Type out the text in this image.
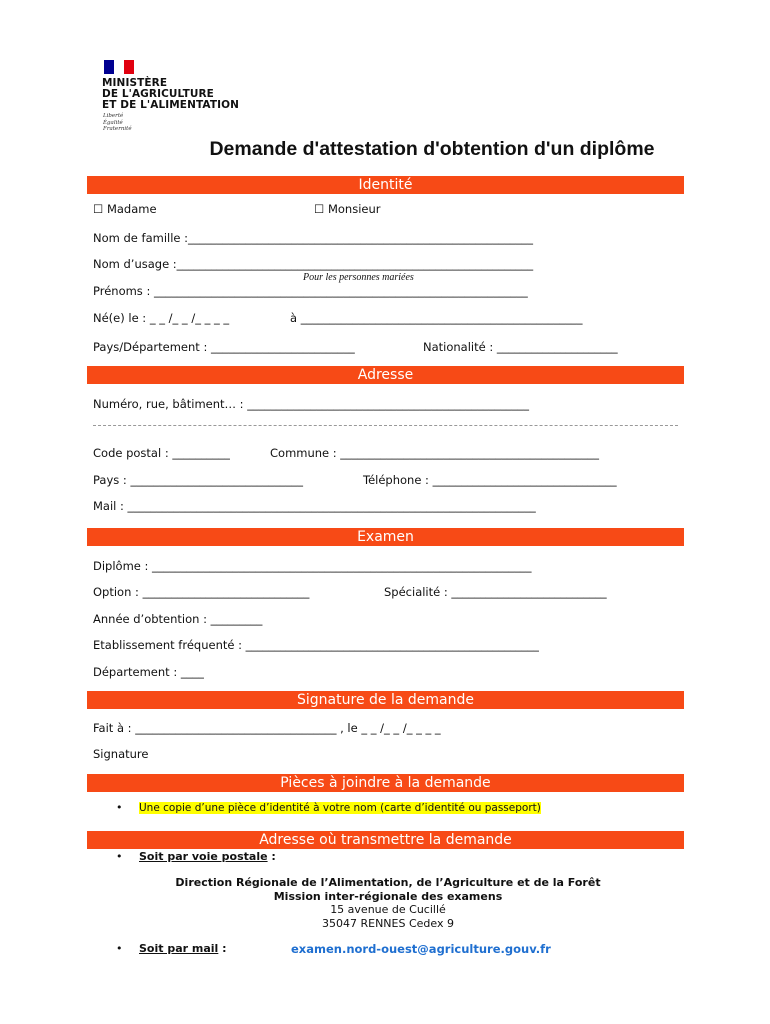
MINISTÈRE
DE L'AGRICULTURE
ET DE L'ALIMENTATION
Liberté
Égalité
Fraternité
Demande d'attestation d'obtention d'un diplôme
Identité
☐ Madame	☐ Monsieur
Nom de famille :____________________________________________________________
Nom d’usage :______________________________________________________________
Pour les personnes mariées
Prénoms : _________________________________________________________________
Né(e) le : _ _ /_ _ /_ _ _ _	à _________________________________________________
Pays/Département : _________________________	Nationalité : _____________________
Adresse
Numéro, rue, bâtiment… : _________________________________________________
Code postal : __________	Commune : _____________________________________________
Pays : ______________________________	Téléphone : ________________________________
Mail : _______________________________________________________________________
Examen
Diplôme : __________________________________________________________________
Option : _____________________________	Spécialité : ___________________________
Année d’obtention : _________
Etablissement fréquenté : ___________________________________________________
Département : ____
Signature de la demande
Fait à : ___________________________________ , le _ _ /_ _ /_ _ _ _
Signature
Pièces à joindre à la demande
• Une copie d’une pièce d’identité à votre nom (carte d’identité ou passeport)
Adresse où transmettre la demande
• Soit par voie postale :
Direction Régionale de l’Alimentation, de l’Agriculture et de la Forêt
Mission inter-régionale des examens
15 avenue de Cucillé
35047 RENNES Cedex 9
• Soit par mail :	examen.nord-ouest@agriculture.gouv.fr
